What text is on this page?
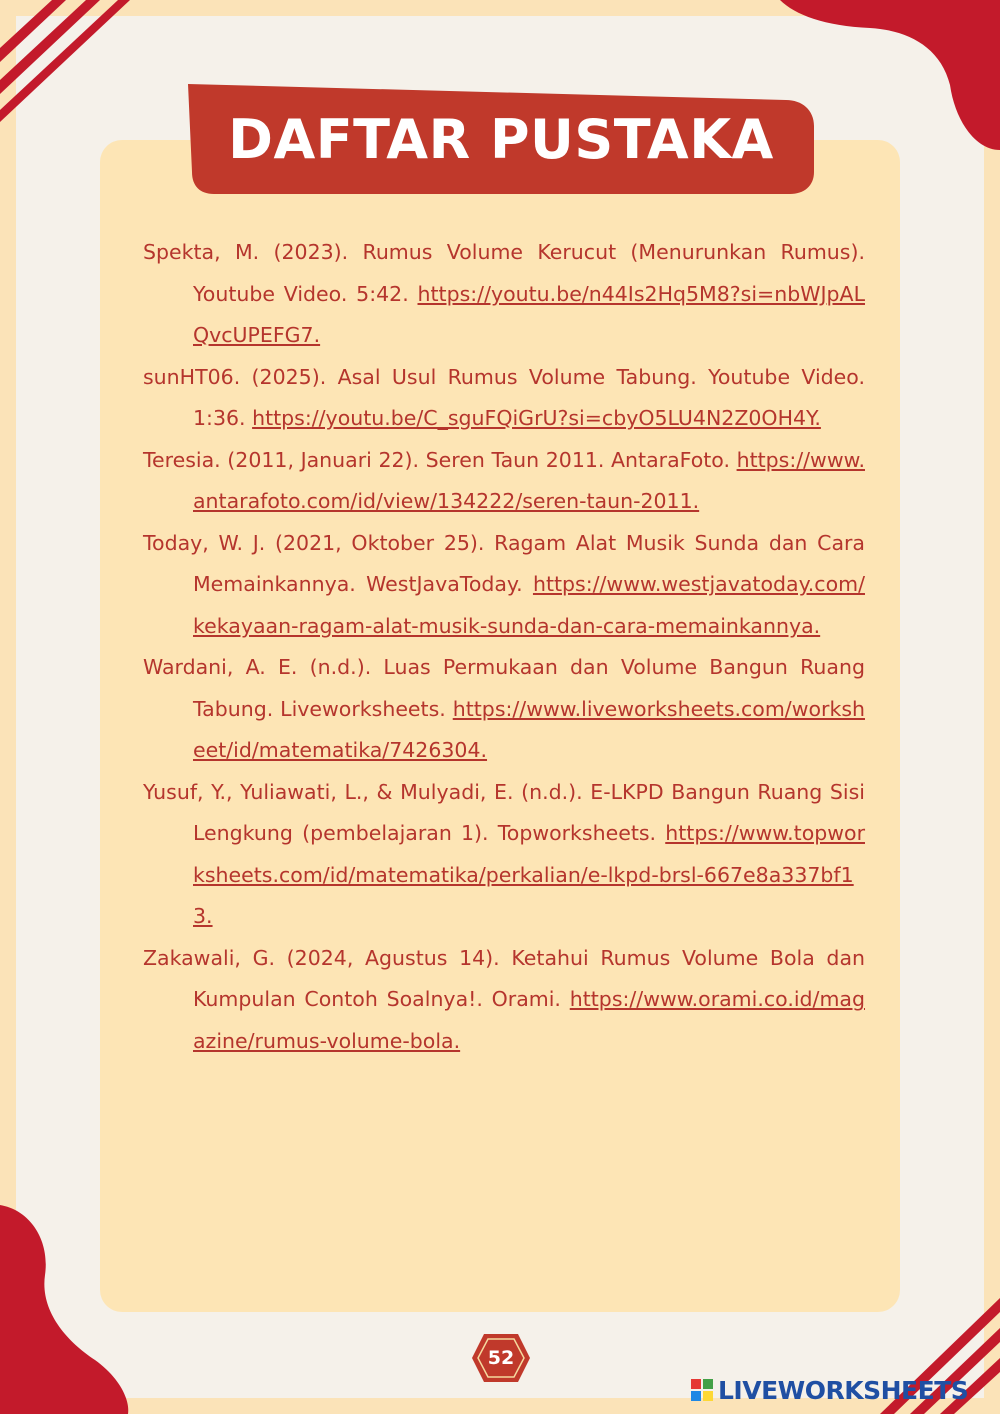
DAFTAR PUSTAKA

Spekta, M. (2023). Rumus Volume Kerucut (Menurunkan Rumus). Youtube Video. 5:42. https://youtu.be/n44Is2Hq5M8?si=nbWJpALQvcUPEFG7.

sunHT06. (2025). Asal Usul Rumus Volume Tabung. Youtube Video. 1:36. https://youtu.be/C_sguFQiGrU?si=cbyO5LU4N2Z0OH4Y.

Teresia. (2011, Januari 22). Seren Taun 2011. AntaraFoto. https://www.antarafoto.com/id/view/134222/seren-taun-2011.

Today, W. J. (2021, Oktober 25). Ragam Alat Musik Sunda dan Cara Memainkannya. WestJavaToday. https://www.westjavatoday.com/kekayaan-ragam-alat-musik-sunda-dan-cara-memainkannya.

Wardani, A. E. (n.d.). Luas Permukaan dan Volume Bangun Ruang Tabung. Liveworksheets. https://www.liveworksheets.com/worksheet/id/matematika/7426304.

Yusuf, Y., Yuliawati, L., & Mulyadi, E. (n.d.). E-LKPD Bangun Ruang Sisi Lengkung (pembelajaran 1). Topworksheets. https://www.topworksheets.com/id/matematika/perkalian/e-lkpd-brsl-667e8a337bf13.

Zakawali, G. (2024, Agustus 14). Ketahui Rumus Volume Bola dan Kumpulan Contoh Soalnya!. Orami. https://www.orami.co.id/magazine/rumus-volume-bola.

52
LIVEWORKSHEETS
